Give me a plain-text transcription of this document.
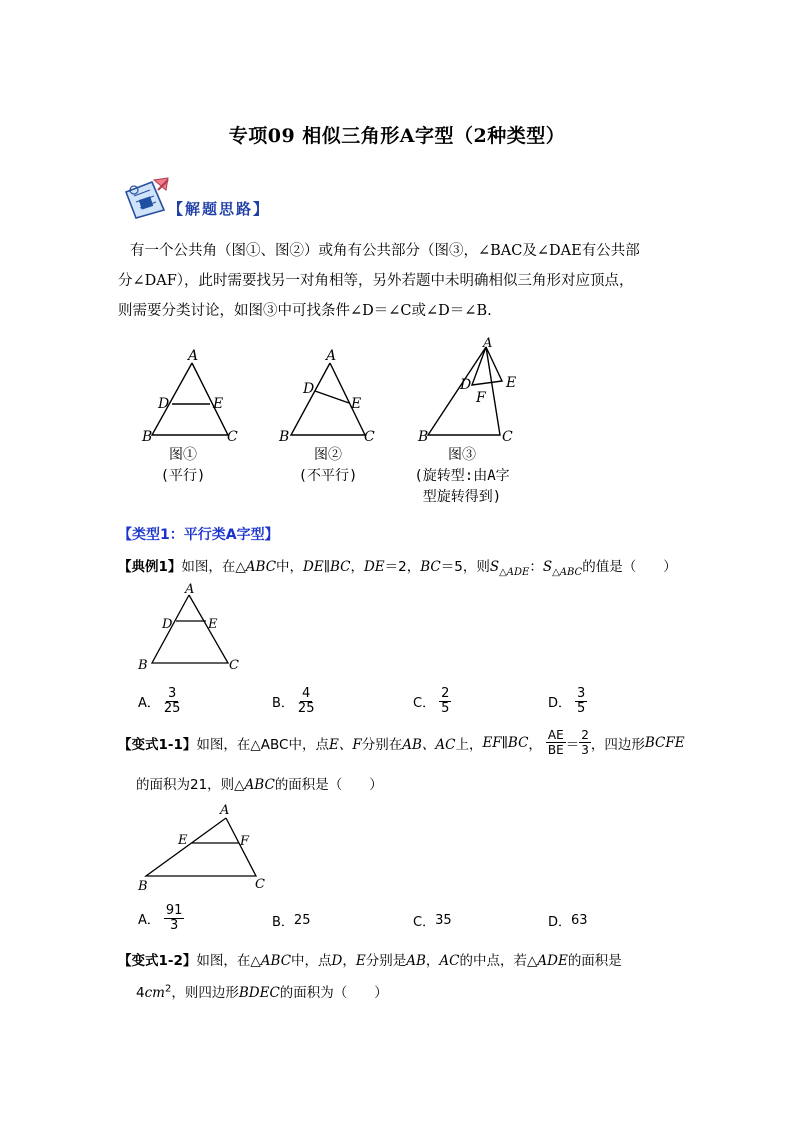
专项09 相似三角形A字型（2种类型）
【解题思路】

有一个公共角（图①、图②）或角有公共部分（图③，∠BAC及∠DAE有公共部

分∠DAF），此时需要找另一对角相等，另外若题中未明确相似三角形对应顶点，

则需要分类讨论，如图③中可找条件∠D＝∠C或∠D＝∠B.

A
B	C
D	E
A
B	C
D
E
A
B	C
D E
F
图①
(平行)
图②
(不平行)
图③
(旋转型:由A字
型旋转得到)
【类型1：平行类A字型】
【典例1】如图，在△ABC中，DE∥BC，DE＝2，BC＝5，则$S_{\triangle ADE}$：$S_{\triangle ABC}$的值是（　　）
A
B	C
D	E
A． $\frac{3}{25}$	B． $\frac{4}{25}$	C． $\frac{2}{5}$	D． $\frac{3}{5}$
【变式1-1】 如图，在△ABC中，点 E、F 分别在 AB、AC 上， EF∥BC ， $\frac{AE}{BE} = \frac{2}{3}$ ，四边形 BCFE
的面积为21，则△ABC的面积是（　　）
A
B	C
E	F
A． $\frac{91}{3}$	B． 25	C． 35	D． 63
【变式1-2】如图，在△ABC中，点D，E分别是AB，AC的中点，若△ADE的面积是
$4cm^2$，则四边形BDEC的面积为（　　）
